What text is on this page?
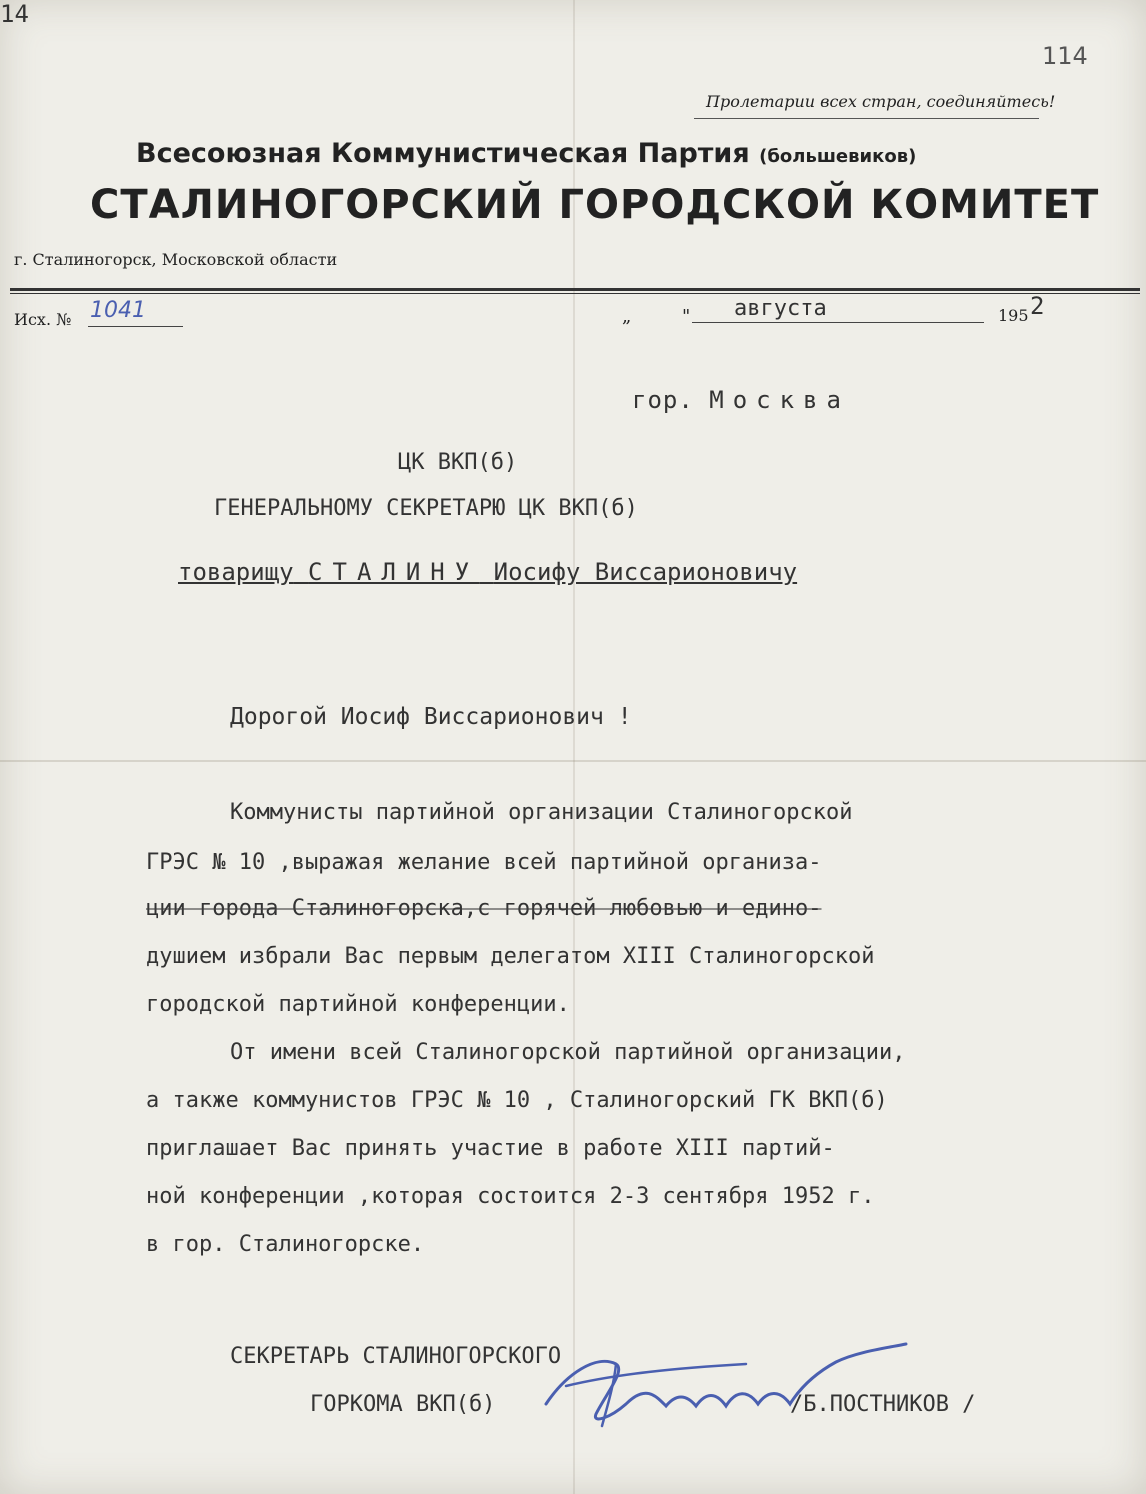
114
Пролетарии всех стран, соединяйтесь!
Всесоюзная Коммунистическая Партия (большевиков)
СТАЛИНОГОРСКИЙ ГОРОДСКОЙ КОМИТЕТ
г. Сталиногорск, Московской области
Исх. № 1041	„
14
" августа	195 2
гор. Москва
ЦК ВКП(б)
ГЕНЕРАЛЬНОМУ СЕКРЕТАРЮ ЦК ВКП(б)
товарищу СТАЛИНУ Иосифу Виссарионовичу
Дорогой Иосиф Виссарионович !
Коммунисты партийной организации Сталиногорской
ГРЭС № 10 ,выражая желание всей партийной организа-
ции города Сталиногорска,с горячей любовью и едино-
душием избрали Вас первым делегатом XIII Сталиногорской
городской партийной конференции.
От имени всей Сталиногорской партийной организации,
а также коммунистов ГРЭС № 10 , Сталиногорский ГК ВКП(б)
приглашает Вас принять участие в работе XIII партий-
ной конференции ,которая состоится 2-3 сентября 1952 г.
в гор. Сталиногорске.
СЕКРЕТАРЬ СТАЛИНОГОРСКОГО
ГОРКОМА ВКП(б)	/Б.ПОСТНИКОВ /
